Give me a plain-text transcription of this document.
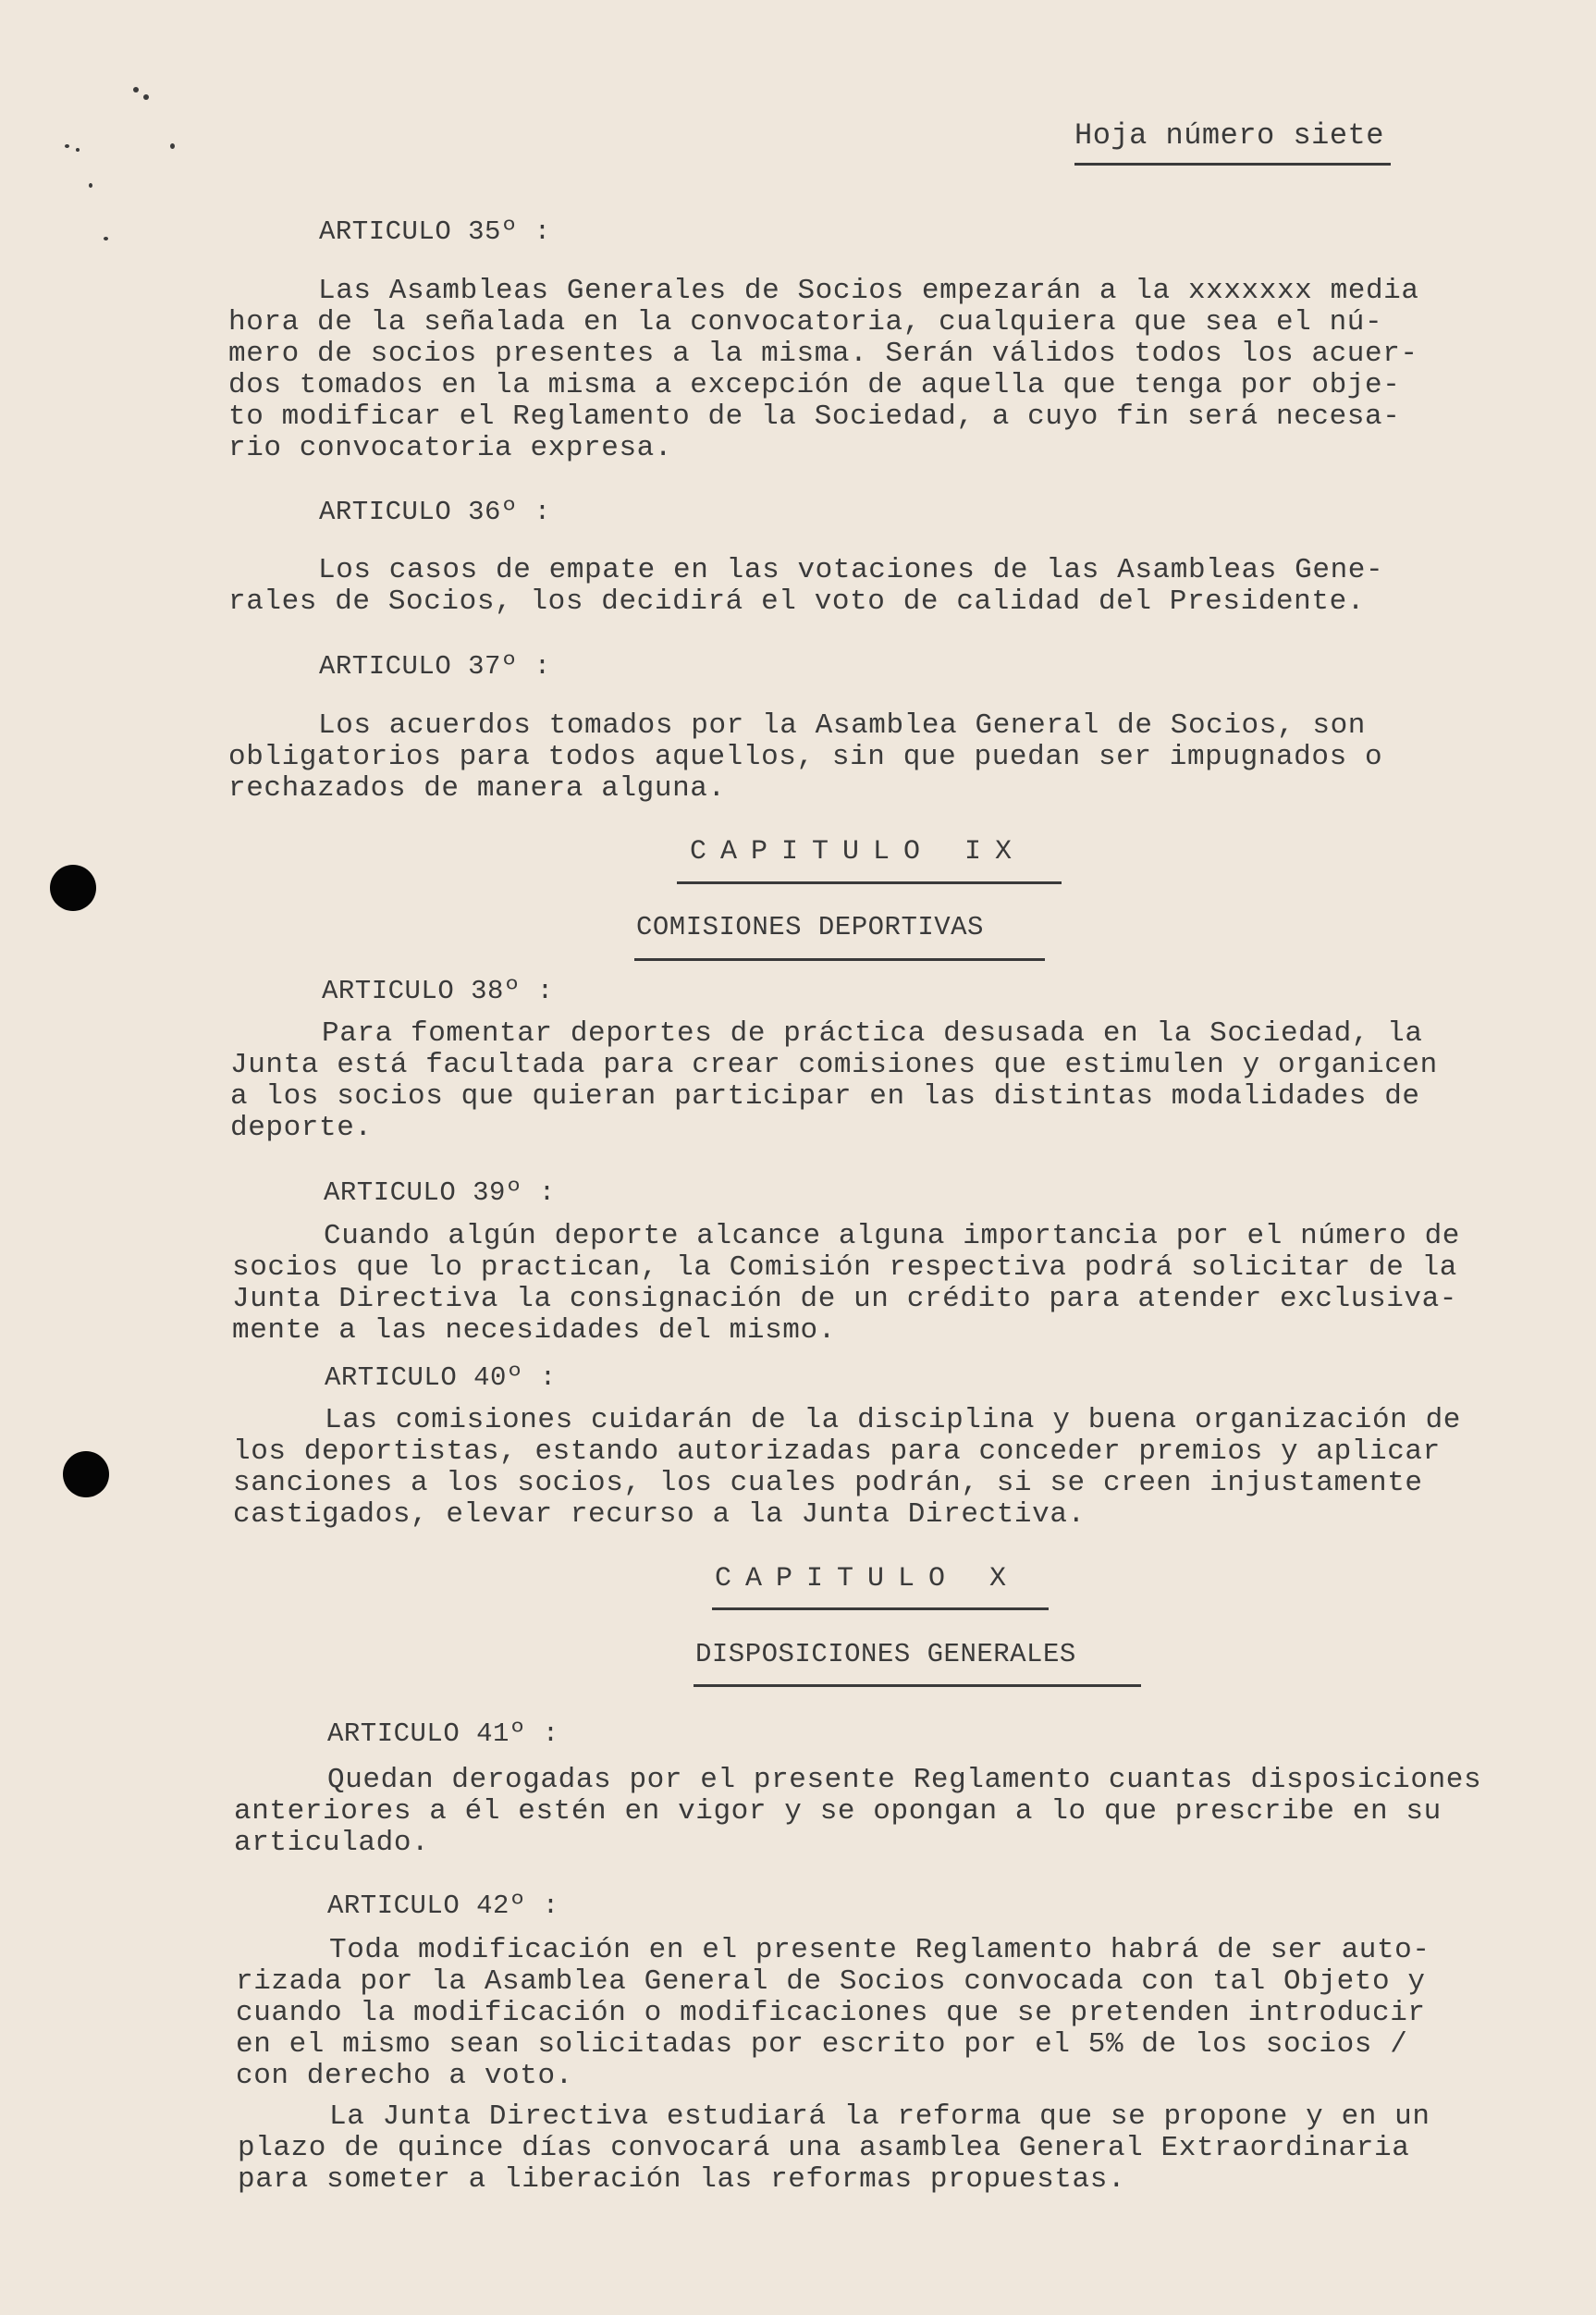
Hoja número siete
ARTICULO 35º :
Las Asambleas Generales de Socios empezarán a la xxxxxxx media
hora de la señalada en la convocatoria, cualquiera que sea el nú-
mero de socios presentes a la misma. Serán válidos todos los acuer-
dos tomados en la misma a excepción de aquella que tenga por obje-
to modificar el Reglamento de la Sociedad, a cuyo fin será necesa-
rio convocatoria expresa.
ARTICULO 36º :
Los casos de empate en las votaciones de las Asambleas Gene-
rales de Socios, los decidirá el voto de calidad del Presidente.
ARTICULO 37º :
Los acuerdos tomados por la Asamblea General de Socios, son
obligatorios para todos aquellos, sin que puedan ser impugnados o
rechazados de manera alguna.
CAPITULO IX
COMISIONES DEPORTIVAS
ARTICULO 38º :
Para fomentar deportes de práctica desusada en la Sociedad, la
Junta está facultada para crear comisiones que estimulen y organicen
a los socios que quieran participar en las distintas modalidades de
deporte.
ARTICULO 39º :
Cuando algún deporte alcance alguna importancia por el número de
socios que lo practican, la Comisión respectiva podrá solicitar de la
Junta Directiva la consignación de un crédito para atender exclusiva-
mente a las necesidades del mismo.
ARTICULO 40º :
Las comisiones cuidarán de la disciplina y buena organización de
los deportistas, estando autorizadas para conceder premios y aplicar
sanciones a los socios, los cuales podrán, si se creen injustamente
castigados, elevar recurso a la Junta Directiva.
CAPITULO X
DISPOSICIONES GENERALES
ARTICULO 41º :
Quedan derogadas por el presente Reglamento cuantas disposiciones
anteriores a él estén en vigor y se opongan a lo que prescribe en su
articulado.
ARTICULO 42º :
Toda modificación en el presente Reglamento habrá de ser auto-
rizada por la Asamblea General de Socios convocada con tal Objeto y
cuando la modificación o modificaciones que se pretenden introducir
en el mismo sean solicitadas por escrito por el 5% de los socios /
con derecho a voto.
La Junta Directiva estudiará la reforma que se propone y en un
plazo de quince días convocará una asamblea General Extraordinaria
para someter a liberación las reformas propuestas.
